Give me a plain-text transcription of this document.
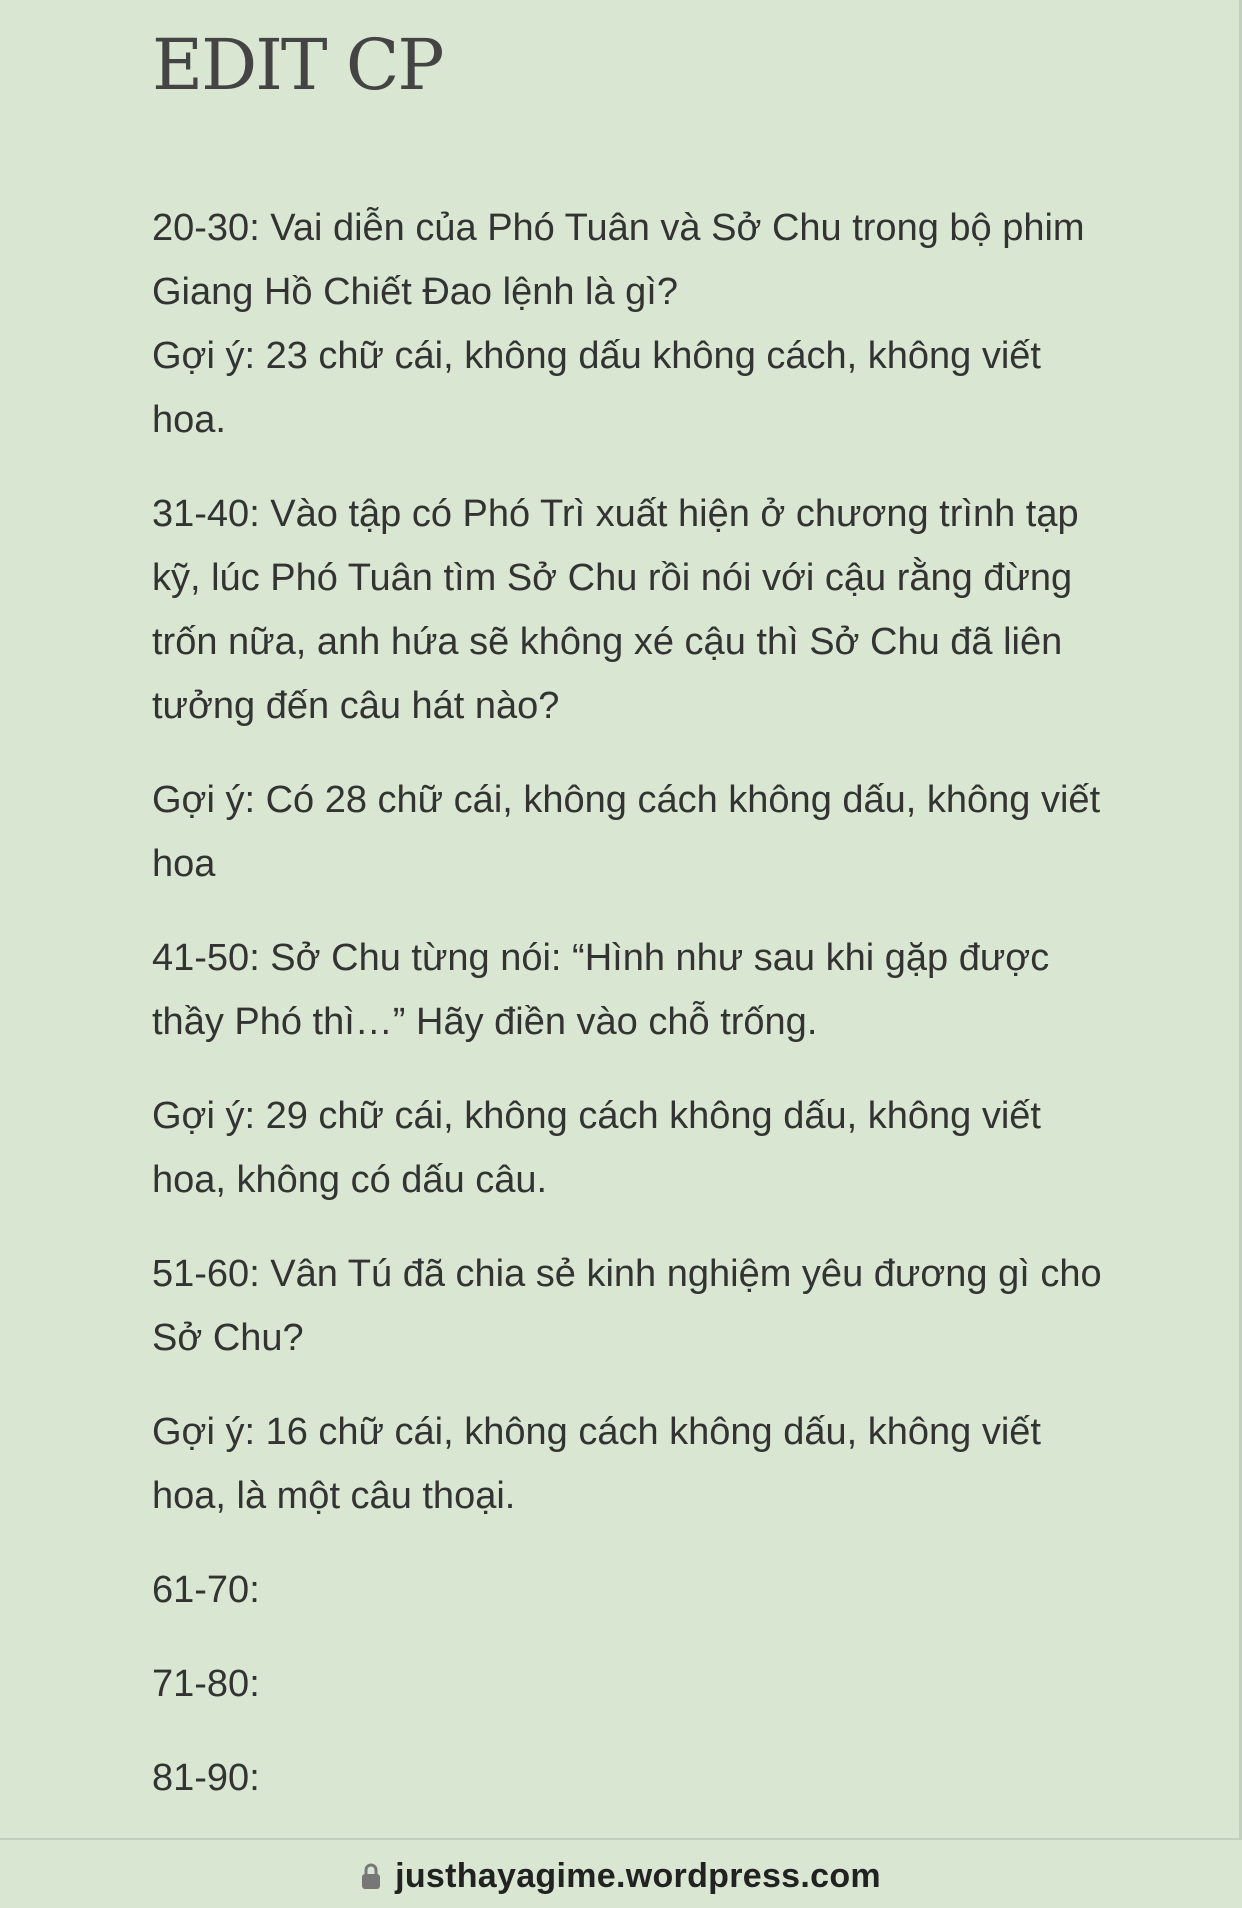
EDIT CP

20-30: Vai diễn của Phó Tuân và Sở Chu trong bộ phim Giang Hồ Chiết Đao lệnh là gì?

Gợi ý: 23 chữ cái, không dấu không cách, không viết hoa.

31-40: Vào tập có Phó Trì xuất hiện ở chương trình tạp kỹ, lúc Phó Tuân tìm Sở Chu rồi nói với cậu rằng đừng trốn nữa, anh hứa sẽ không xé cậu thì Sở Chu đã liên tưởng đến câu hát nào?

Gợi ý: Có 28 chữ cái, không cách không dấu, không viết hoa

41-50: Sở Chu từng nói: “Hình như sau khi gặp được thầy Phó thì…” Hãy điền vào chỗ trống.

Gợi ý: 29 chữ cái, không cách không dấu, không viết hoa, không có dấu câu.

51-60: Vân Tú đã chia sẻ kinh nghiệm yêu đương gì cho Sở Chu?

Gợi ý: 16 chữ cái, không cách không dấu, không viết hoa, là một câu thoại.

61-70:

71-80:

81-90:

justhayagime.wordpress.com
